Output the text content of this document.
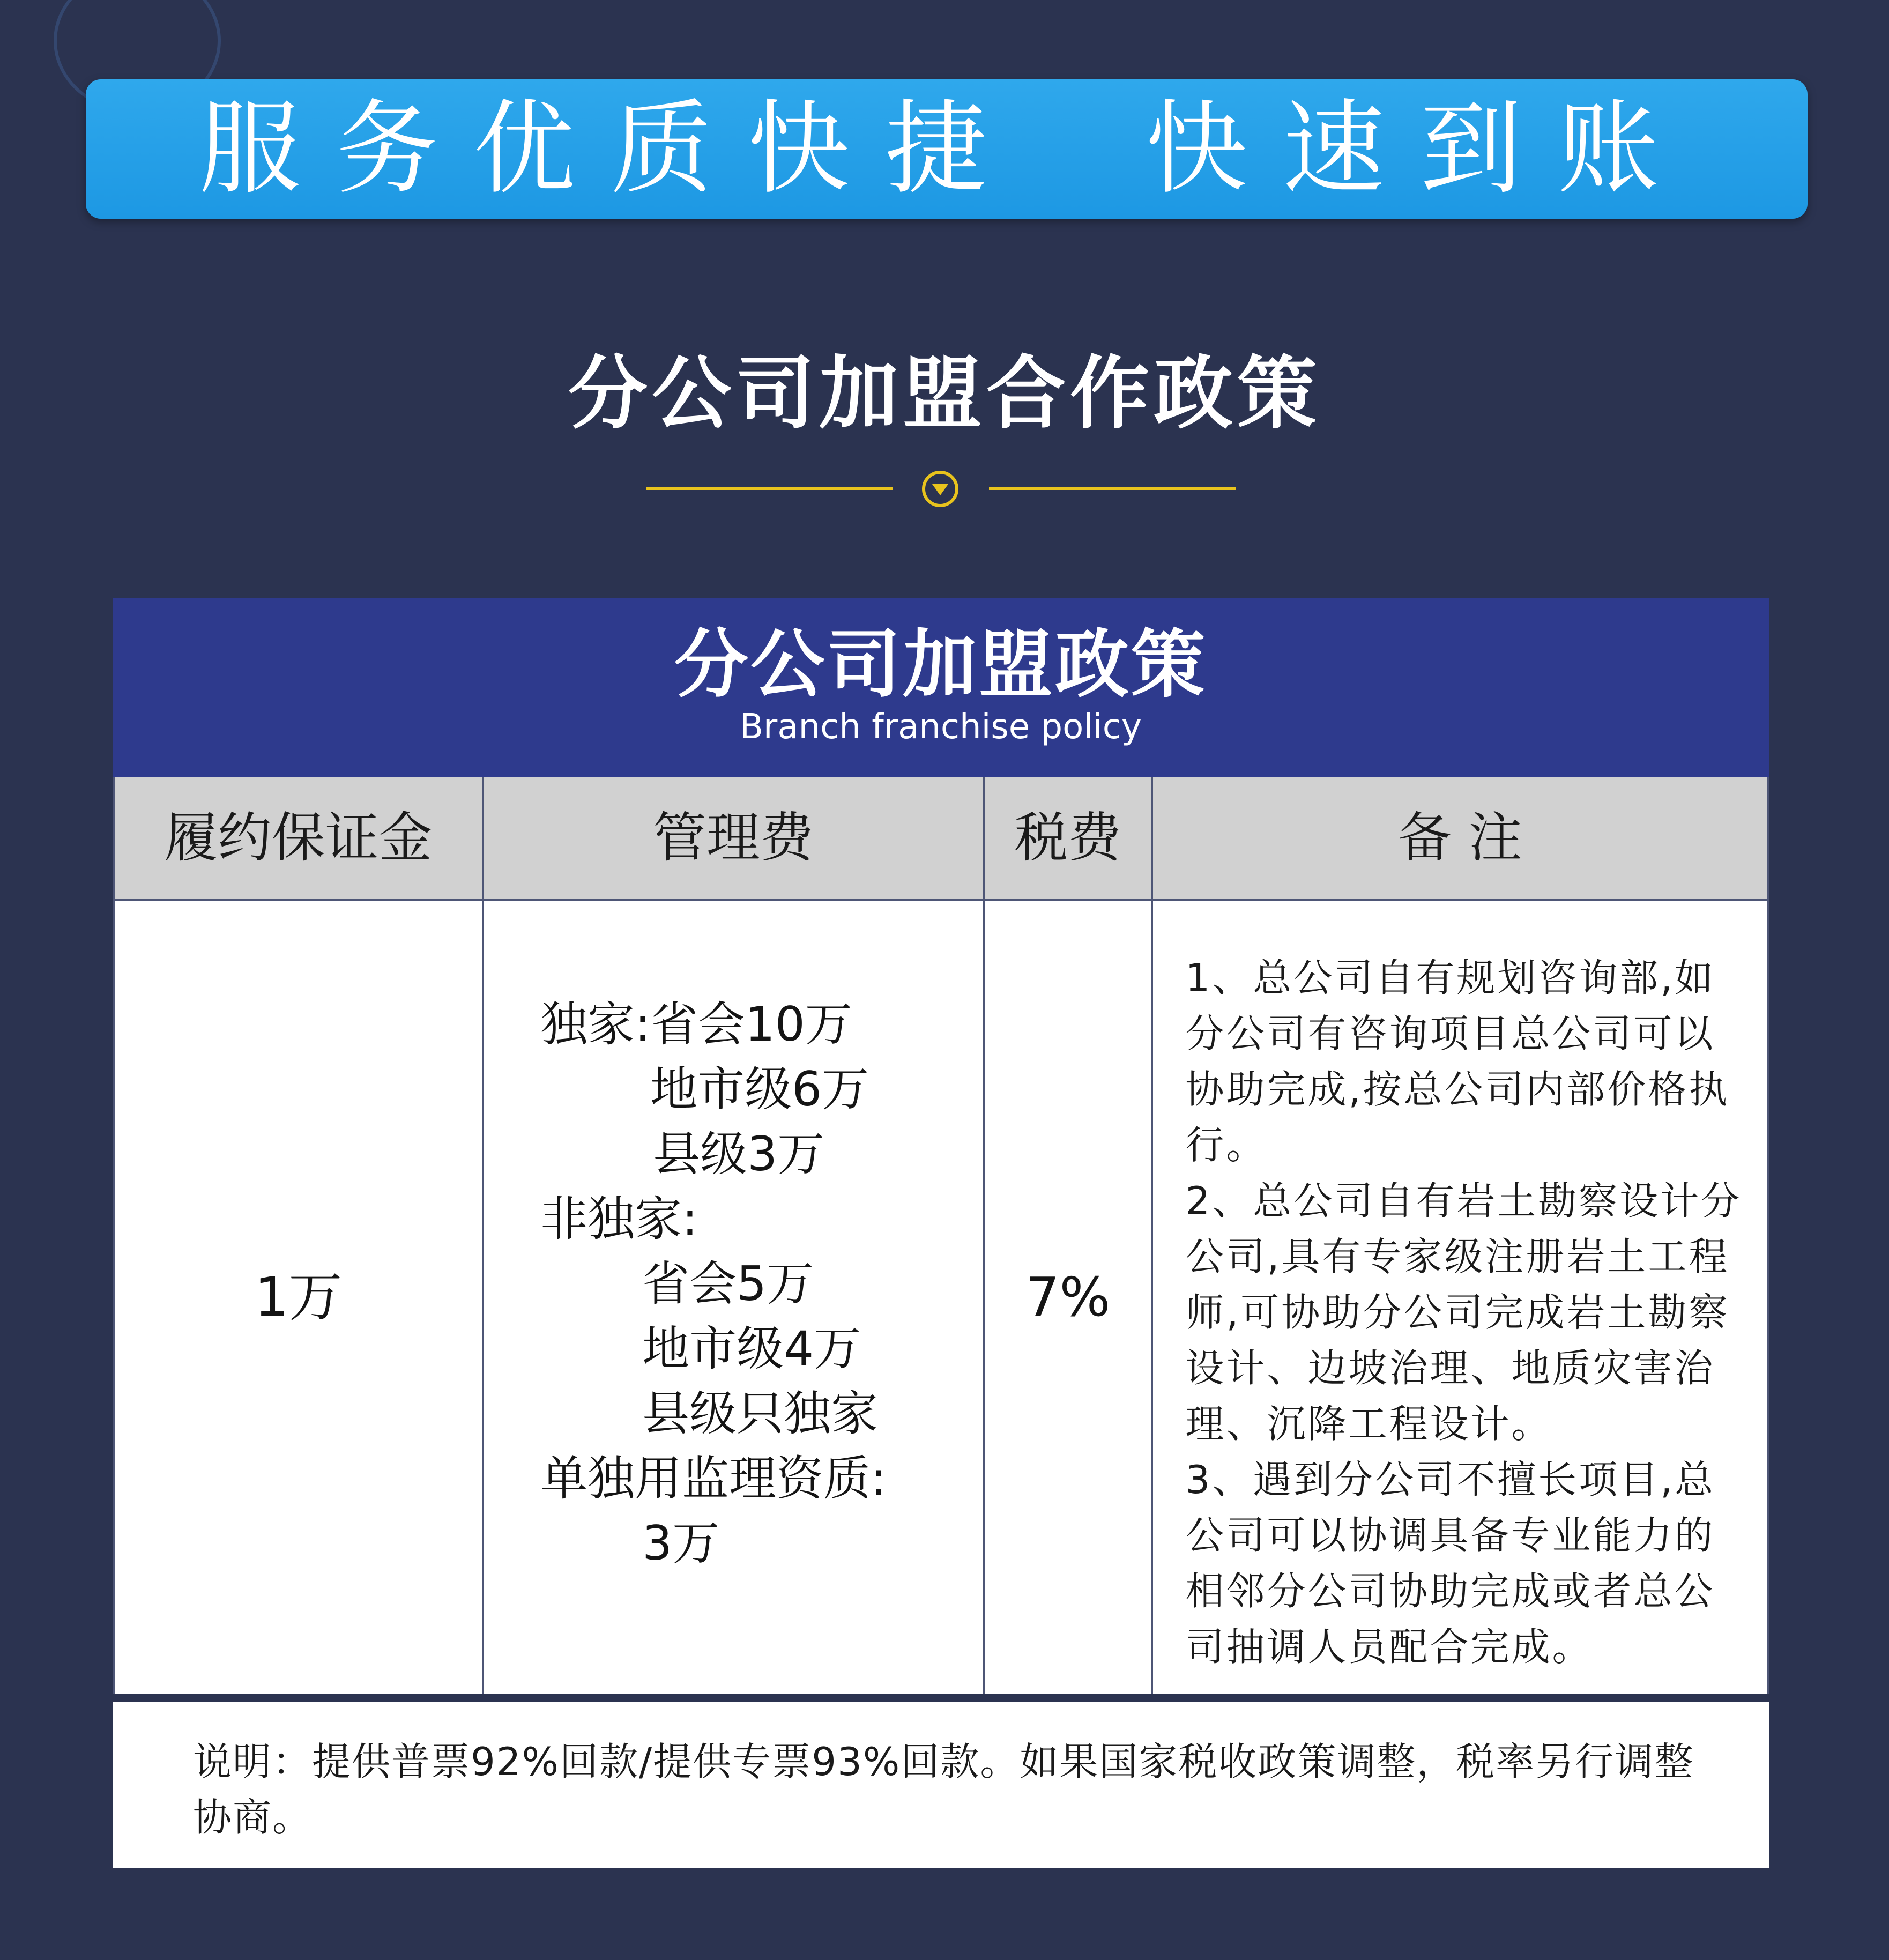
服务优质快捷 快速到账
分公司加盟合作政策
分公司加盟政策
Branch franchise policy
履约保证金
1万
管理费
独家:省会10万
地市级6万
县级3万
非独家:
省会5万
地市级4万
县级只独家
单独用监理资质:
3万
税费
7%
备 注

1、总公司自有规划咨询部,如分公司有咨询项目总公司可以协助完成,按总公司内部价格执行。

2、总公司自有岩土勘察设计分公司,具有专家级注册岩土工程师,可协助分公司完成岩土勘察设计、边坡治理、地质灾害治理、沉降工程设计。

3、遇到分公司不擅长项目,总公司可以协调具备专业能力的相邻分公司协助完成或者总公司抽调人员配合完成。

说明：提供普票92%回款/提供专票93%回款。如果国家税收政策调整，税率另行调整协商。
